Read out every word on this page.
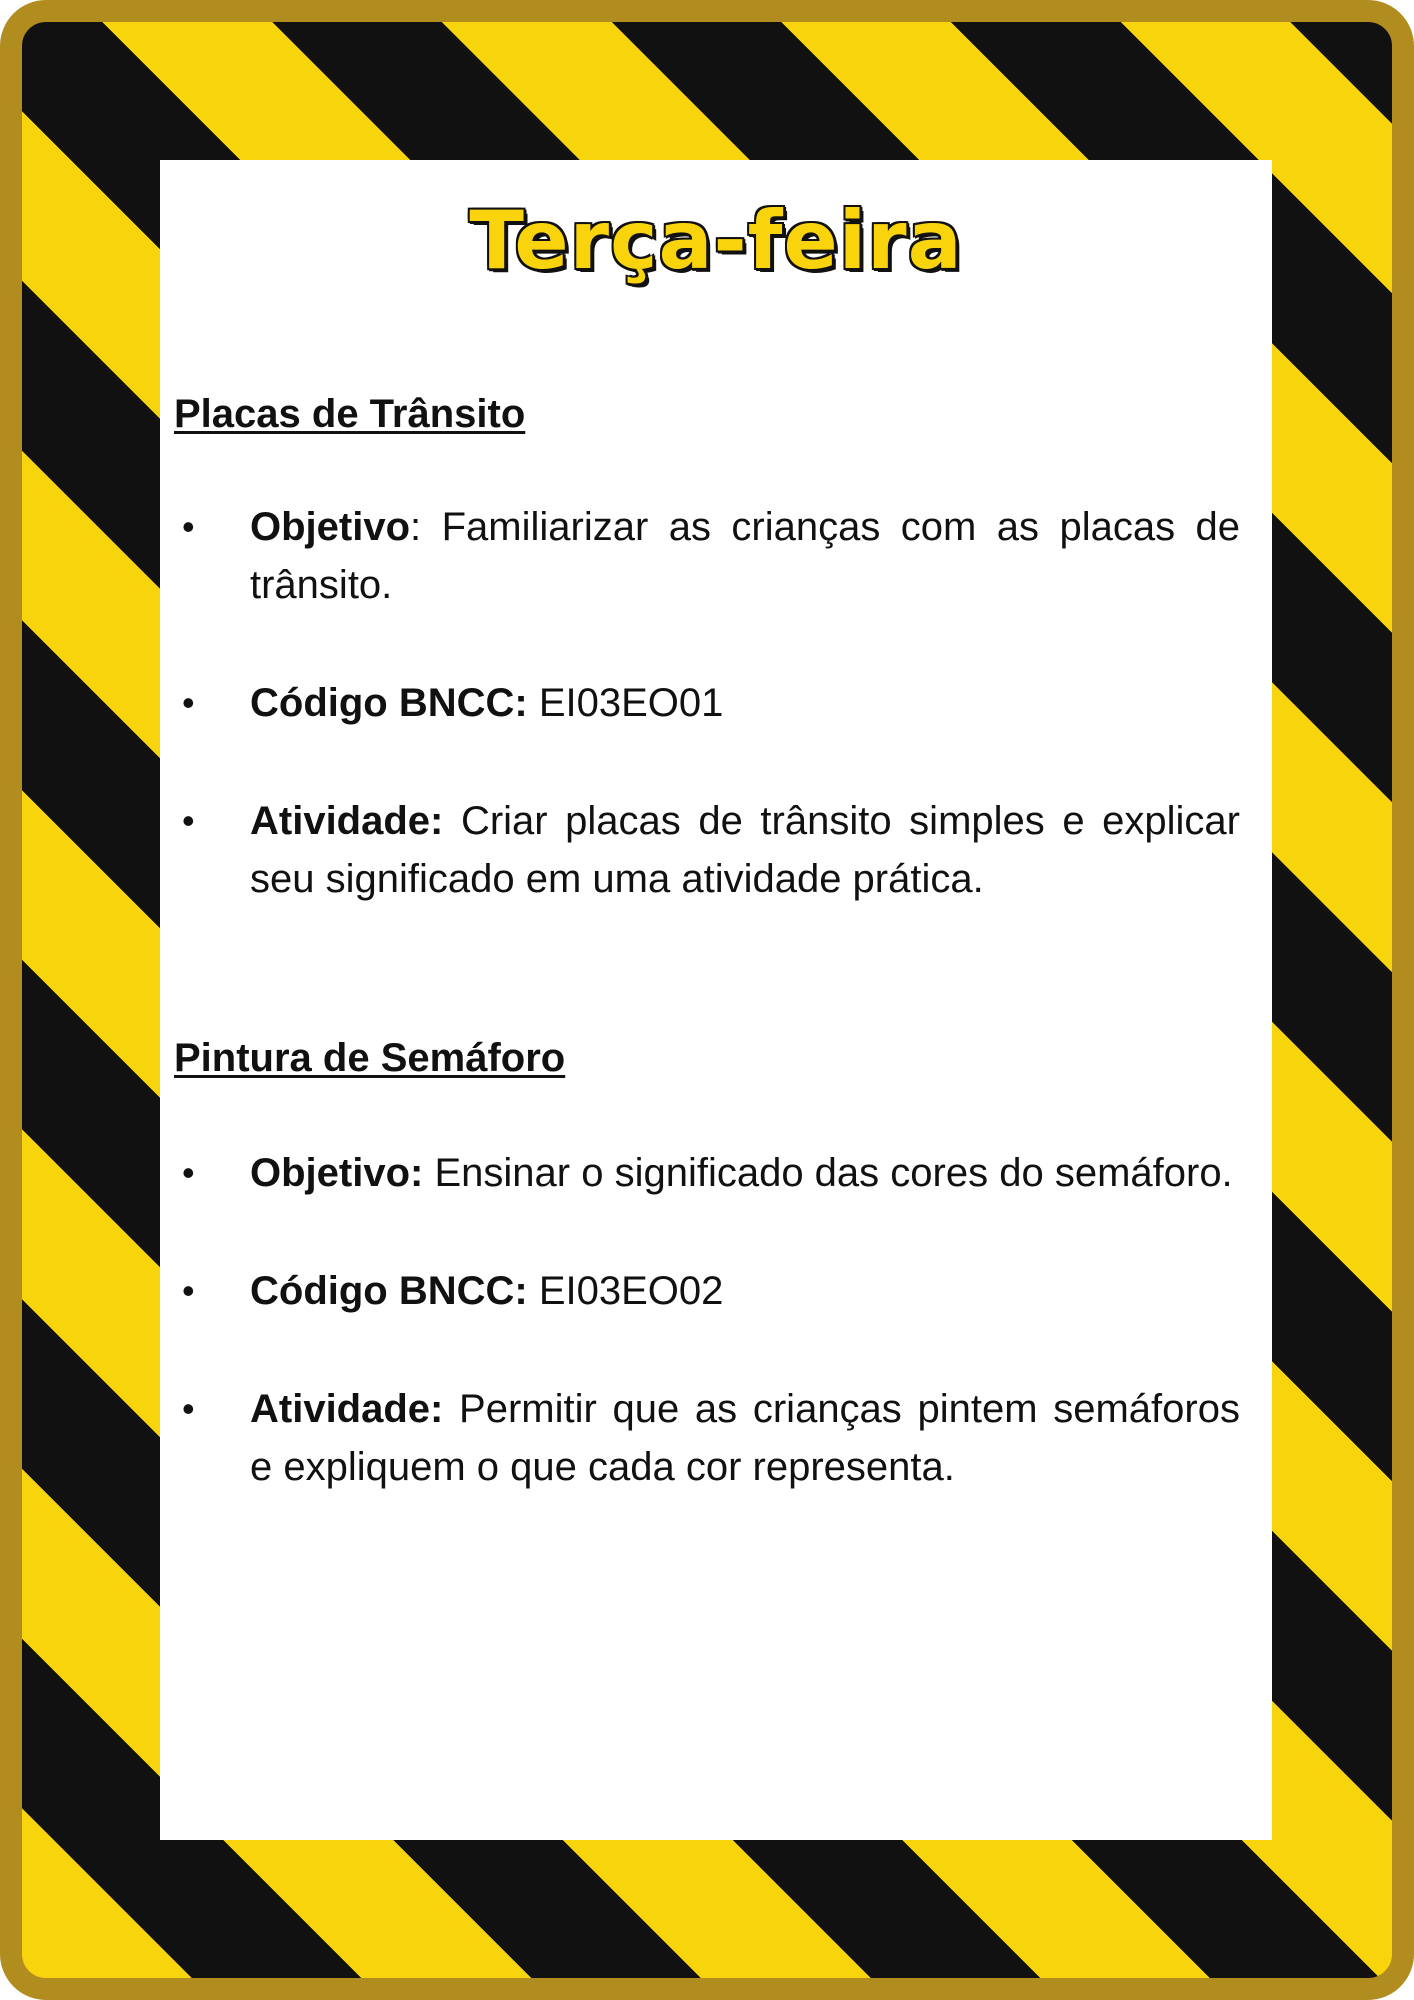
Terça-feira
Placas de Trânsito
• Objetivo: Familiarizar as crianças com as placas de trânsito.
• Código BNCC: EI03EO01
• Atividade: Criar placas de trânsito simples e explicar seu significado em uma atividade prática.
Pintura de Semáforo
• Objetivo: Ensinar o significado das cores do semáforo.
• Código BNCC: EI03EO02
• Atividade: Permitir que as crianças pintem semáforos e expliquem o que cada cor representa.
